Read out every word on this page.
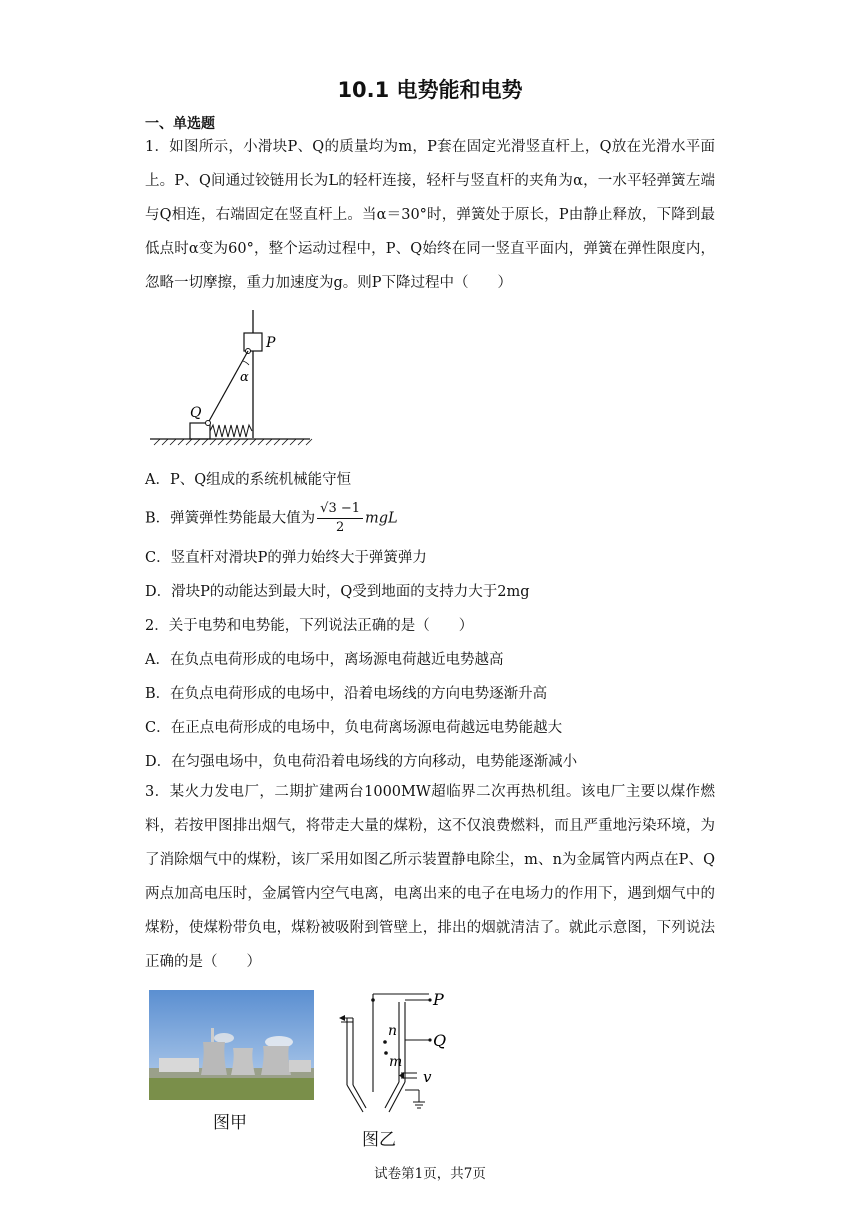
10.1 电势能和电势
一、单选题
1．如图所示，小滑块P、Q的质量均为m，P套在固定光滑竖直杆上，Q放在光滑水平面上。P、Q间通过铰链用长为L的轻杆连接，轻杆与竖直杆的夹角为α，一水平轻弹簧左端与Q相连，右端固定在竖直杆上。当α＝30°时，弹簧处于原长，P由静止释放，下降到最低点时α变为60°，整个运动过程中，P、Q始终在同一竖直平面内，弹簧在弹性限度内，忽略一切摩擦，重力加速度为g。则P下降过程中（　　）
P
Q
α
A．P、Q组成的系统机械能守恒
B．弹簧弹性势能最大值为 $\frac{√3 -1}{2}$ mgL
C．竖直杆对滑块P的弹力始终大于弹簧弹力
D．滑块P的动能达到最大时，Q受到地面的支持力大于2mg
2．关于电势和电势能，下列说法正确的是（　　）
A．在负点电荷形成的电场中，离场源电荷越近电势越高
B．在负点电荷形成的电场中，沿着电场线的方向电势逐渐升高
C．在正点电荷形成的电场中，负电荷离场源电荷越远电势能越大
D．在匀强电场中，负电荷沿着电场线的方向移动，电势能逐渐减小
3．某火力发电厂，二期扩建两台1000MW超临界二次再热机组。该电厂主要以煤作燃料，若按甲图排出烟气，将带走大量的煤粉，这不仅浪费燃料，而且严重地污染环境，为了消除烟气中的煤粉，该厂采用如图乙所示装置静电除尘，m、n为金属管内两点在P、Q两点加高电压时，金属管内空气电离，电离出来的电子在电场力的作用下，遇到烟气中的煤粉，使煤粉带负电，煤粉被吸附到管壁上，排出的烟就清洁了。就此示意图，下列说法正确的是（　　）
图甲
P
Q
n
m
v
图乙
试卷第1页，共7页
